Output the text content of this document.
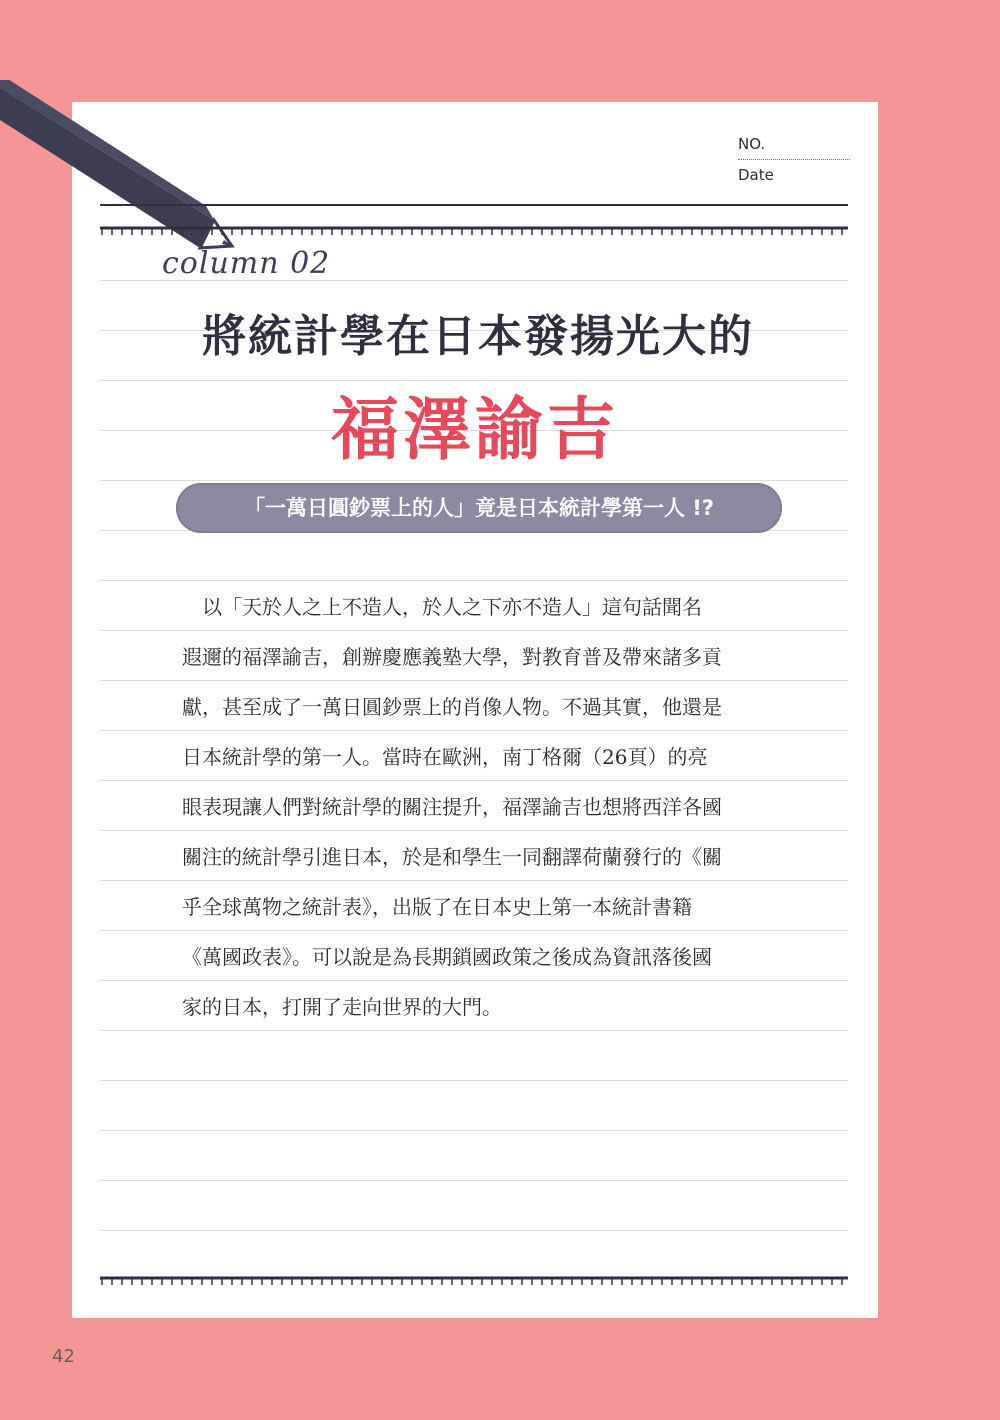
NO.
Date
column 02
將統計學在日本發揚光大的
福澤諭吉
「一萬日圓鈔票上的人」竟是日本統計學第一人 !?
　以「天於人之上不造人，於人之下亦不造人」這句話聞名
遐邇的福澤諭吉，創辦慶應義塾大學，對教育普及帶來諸多貢
獻，甚至成了一萬日圓鈔票上的肖像人物。不過其實，他還是
日本統計學的第一人。當時在歐洲，南丁格爾（26頁）的亮
眼表現讓人們對統計學的關注提升，福澤諭吉也想將西洋各國
關注的統計學引進日本，於是和學生一同翻譯荷蘭發行的《關
乎全球萬物之統計表》，出版了在日本史上第一本統計書籍
《萬國政表》。可以說是為長期鎖國政策之後成為資訊落後國
家的日本，打開了走向世界的大門。
42
